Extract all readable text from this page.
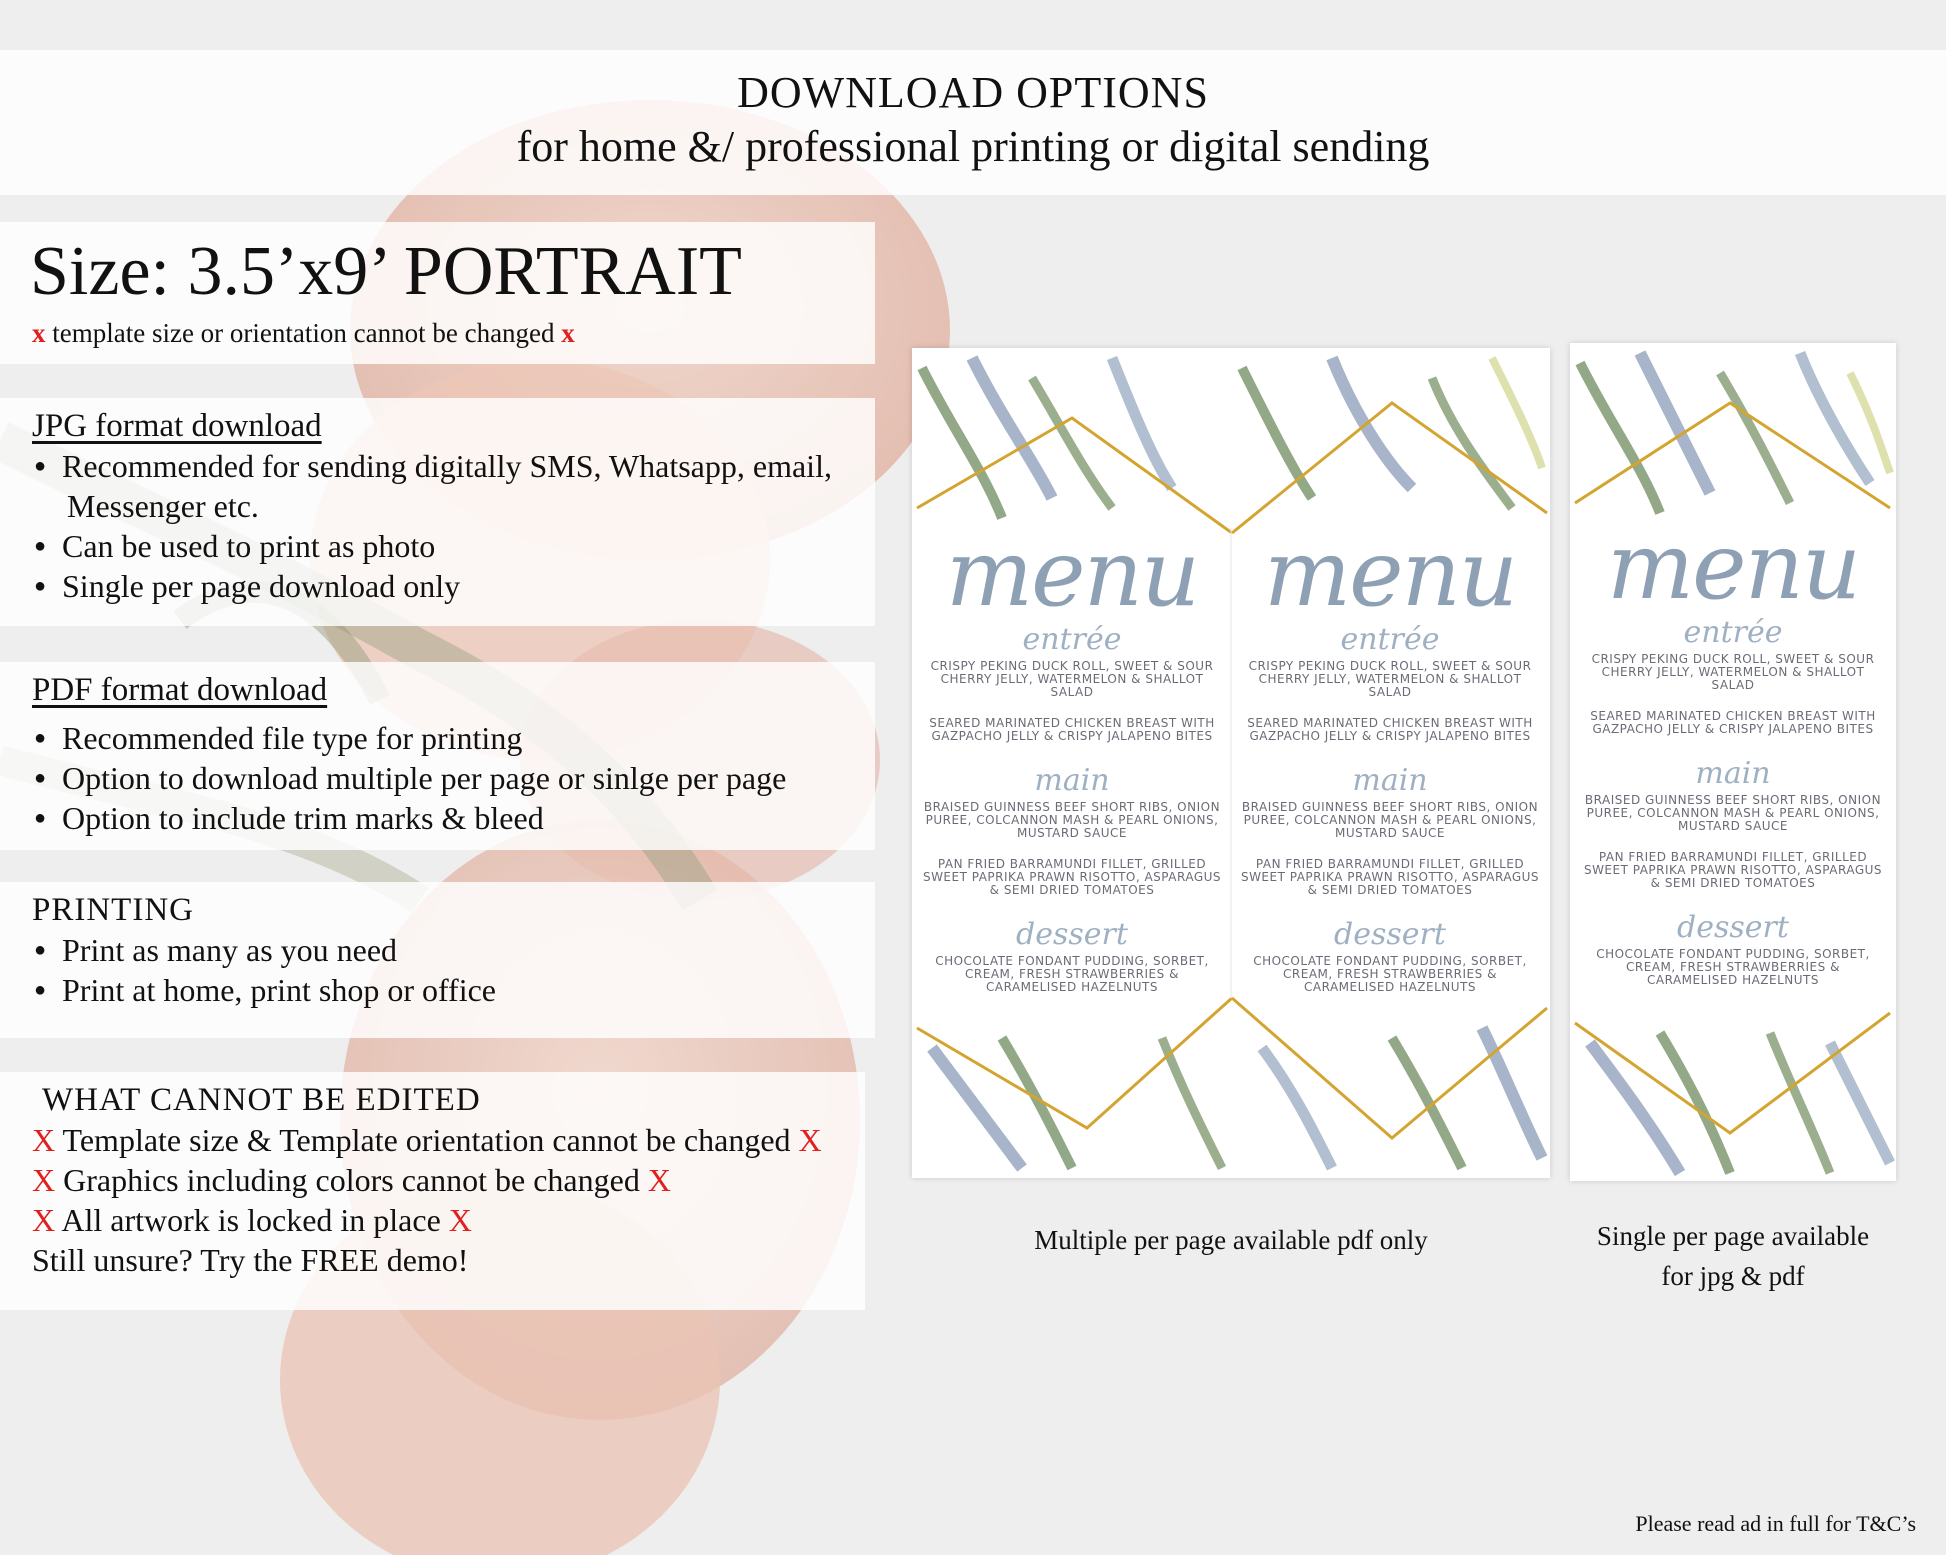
DOWNLOAD OPTIONS
for home &/ professional printing or digital sending
Size: 3.5’x9’ PORTRAIT
x template size or orientation cannot be changed x
JPG format download
● Recommended for sending digitally SMS, Whatsapp, email,
Messenger etc.
● Can be used to print as photo
● Single per page download only
PDF format download
● Recommended file type for printing
● Option to download multiple per page or sinlge per page
● Option to include trim marks & bleed
PRINTING
● Print as many as you need
● Print at home, print shop or office
WHAT CANNOT BE EDITED
X Template size & Template orientation cannot be changed X
X Graphics including colors cannot be changed X
X All artwork is locked in place X
Still unsure? Try the FREE demo!
menu
entrée
CRISPY PEKING DUCK ROLL, SWEET & SOUR CHERRY JELLY, WATERMELON & SHALLOT SALAD
SEARED MARINATED CHICKEN BREAST WITH GAZPACHO JELLY & CRISPY JALAPENO BITES
main
BRAISED GUINNESS BEEF SHORT RIBS, ONION PUREE, COLCANNON MASH & PEARL ONIONS, MUSTARD SAUCE
PAN FRIED BARRAMUNDI FILLET, GRILLED SWEET PAPRIKA PRAWN RISOTTO, ASPARAGUS & SEMI DRIED TOMATOES
dessert
CHOCOLATE FONDANT PUDDING, SORBET, CREAM, FRESH STRAWBERRIES & CARAMELISED HAZELNUTS
menu
entrée
CRISPY PEKING DUCK ROLL, SWEET & SOUR CHERRY JELLY, WATERMELON & SHALLOT SALAD
SEARED MARINATED CHICKEN BREAST WITH GAZPACHO JELLY & CRISPY JALAPENO BITES
main
BRAISED GUINNESS BEEF SHORT RIBS, ONION PUREE, COLCANNON MASH & PEARL ONIONS, MUSTARD SAUCE
PAN FRIED BARRAMUNDI FILLET, GRILLED SWEET PAPRIKA PRAWN RISOTTO, ASPARAGUS & SEMI DRIED TOMATOES
dessert
CHOCOLATE FONDANT PUDDING, SORBET, CREAM, FRESH STRAWBERRIES & CARAMELISED HAZELNUTS
menu
entrée
CRISPY PEKING DUCK ROLL, SWEET & SOUR CHERRY JELLY, WATERMELON & SHALLOT SALAD
SEARED MARINATED CHICKEN BREAST WITH GAZPACHO JELLY & CRISPY JALAPENO BITES
main
BRAISED GUINNESS BEEF SHORT RIBS, ONION PUREE, COLCANNON MASH & PEARL ONIONS, MUSTARD SAUCE
PAN FRIED BARRAMUNDI FILLET, GRILLED SWEET PAPRIKA PRAWN RISOTTO, ASPARAGUS & SEMI DRIED TOMATOES
dessert
CHOCOLATE FONDANT PUDDING, SORBET, CREAM, FRESH STRAWBERRIES & CARAMELISED HAZELNUTS
Multiple per page available pdf only	Single per page available
for jpg & pdf
Please read ad in full for T&C’s
